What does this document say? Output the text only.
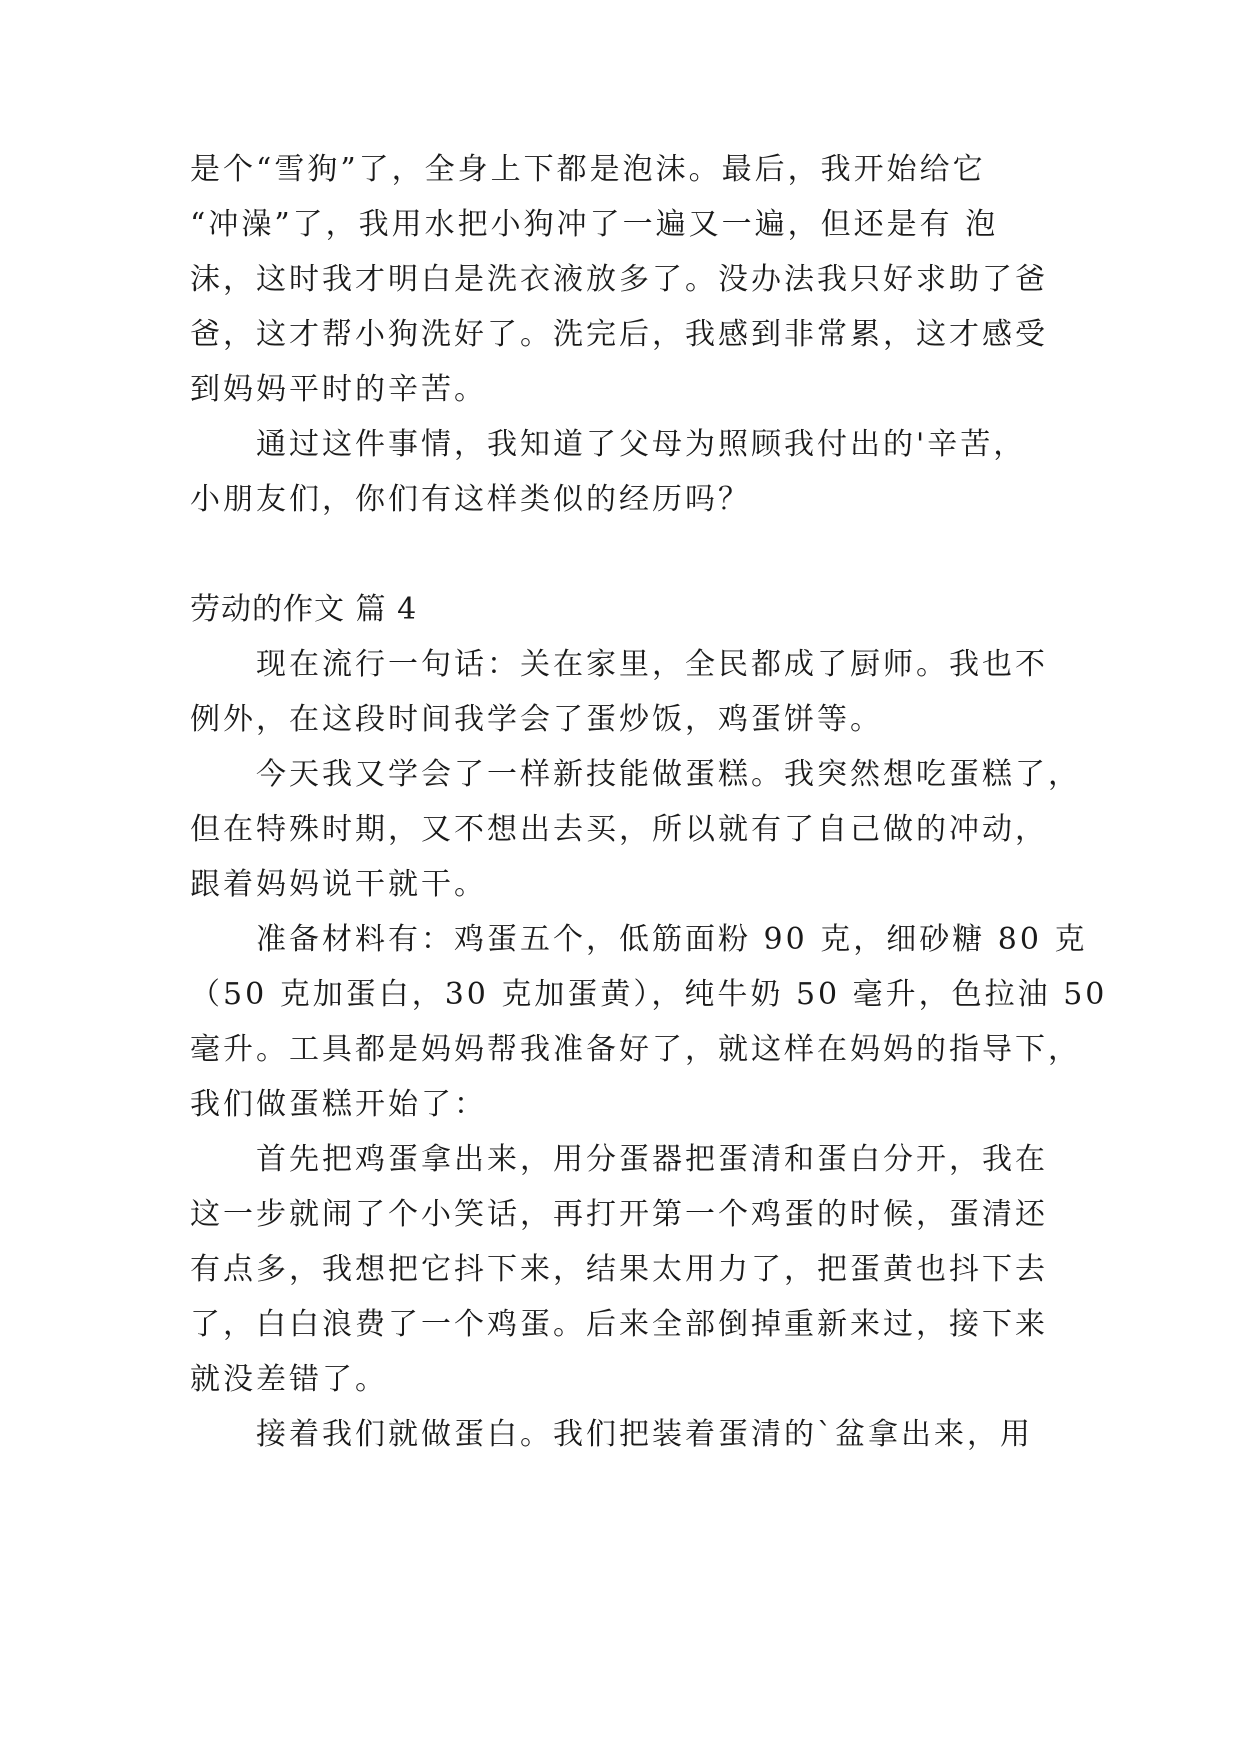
是个“雪狗”了，全身上下都是泡沫。最后，我开始给它
“冲澡”了，我用水把小狗冲了一遍又一遍，但还是有 泡
沫，这时我才明白是洗衣液放多了。没办法我只好求助了爸
爸，这才帮小狗洗好了。洗完后，我感到非常累，这才感受
到妈妈平时的辛苦。
通过这件事情，我知道了父母为照顾我付出的'辛苦，
小朋友们，你们有这样类似的经历吗？
劳动的作文 篇 4
现在流行一句话：关在家里，全民都成了厨师。我也不
例外，在这段时间我学会了蛋炒饭，鸡蛋饼等。
今天我又学会了一样新技能做蛋糕。我突然想吃蛋糕了，
但在特殊时期，又不想出去买，所以就有了自己做的冲动，
跟着妈妈说干就干。
准备材料有：鸡蛋五个，低筋面粉 90 克，细砂糖 80 克
（50 克加蛋白，30 克加蛋黄），纯牛奶 50 毫升，色拉油 50
毫升。工具都是妈妈帮我准备好了，就这样在妈妈的指导下，
我们做蛋糕开始了：
首先把鸡蛋拿出来，用分蛋器把蛋清和蛋白分开，我在
这一步就闹了个小笑话，再打开第一个鸡蛋的时候，蛋清还
有点多，我想把它抖下来，结果太用力了，把蛋黄也抖下去
了，白白浪费了一个鸡蛋。后来全部倒掉重新来过，接下来
就没差错了。
接着我们就做蛋白。我们把装着蛋清的`盆拿出来，用
